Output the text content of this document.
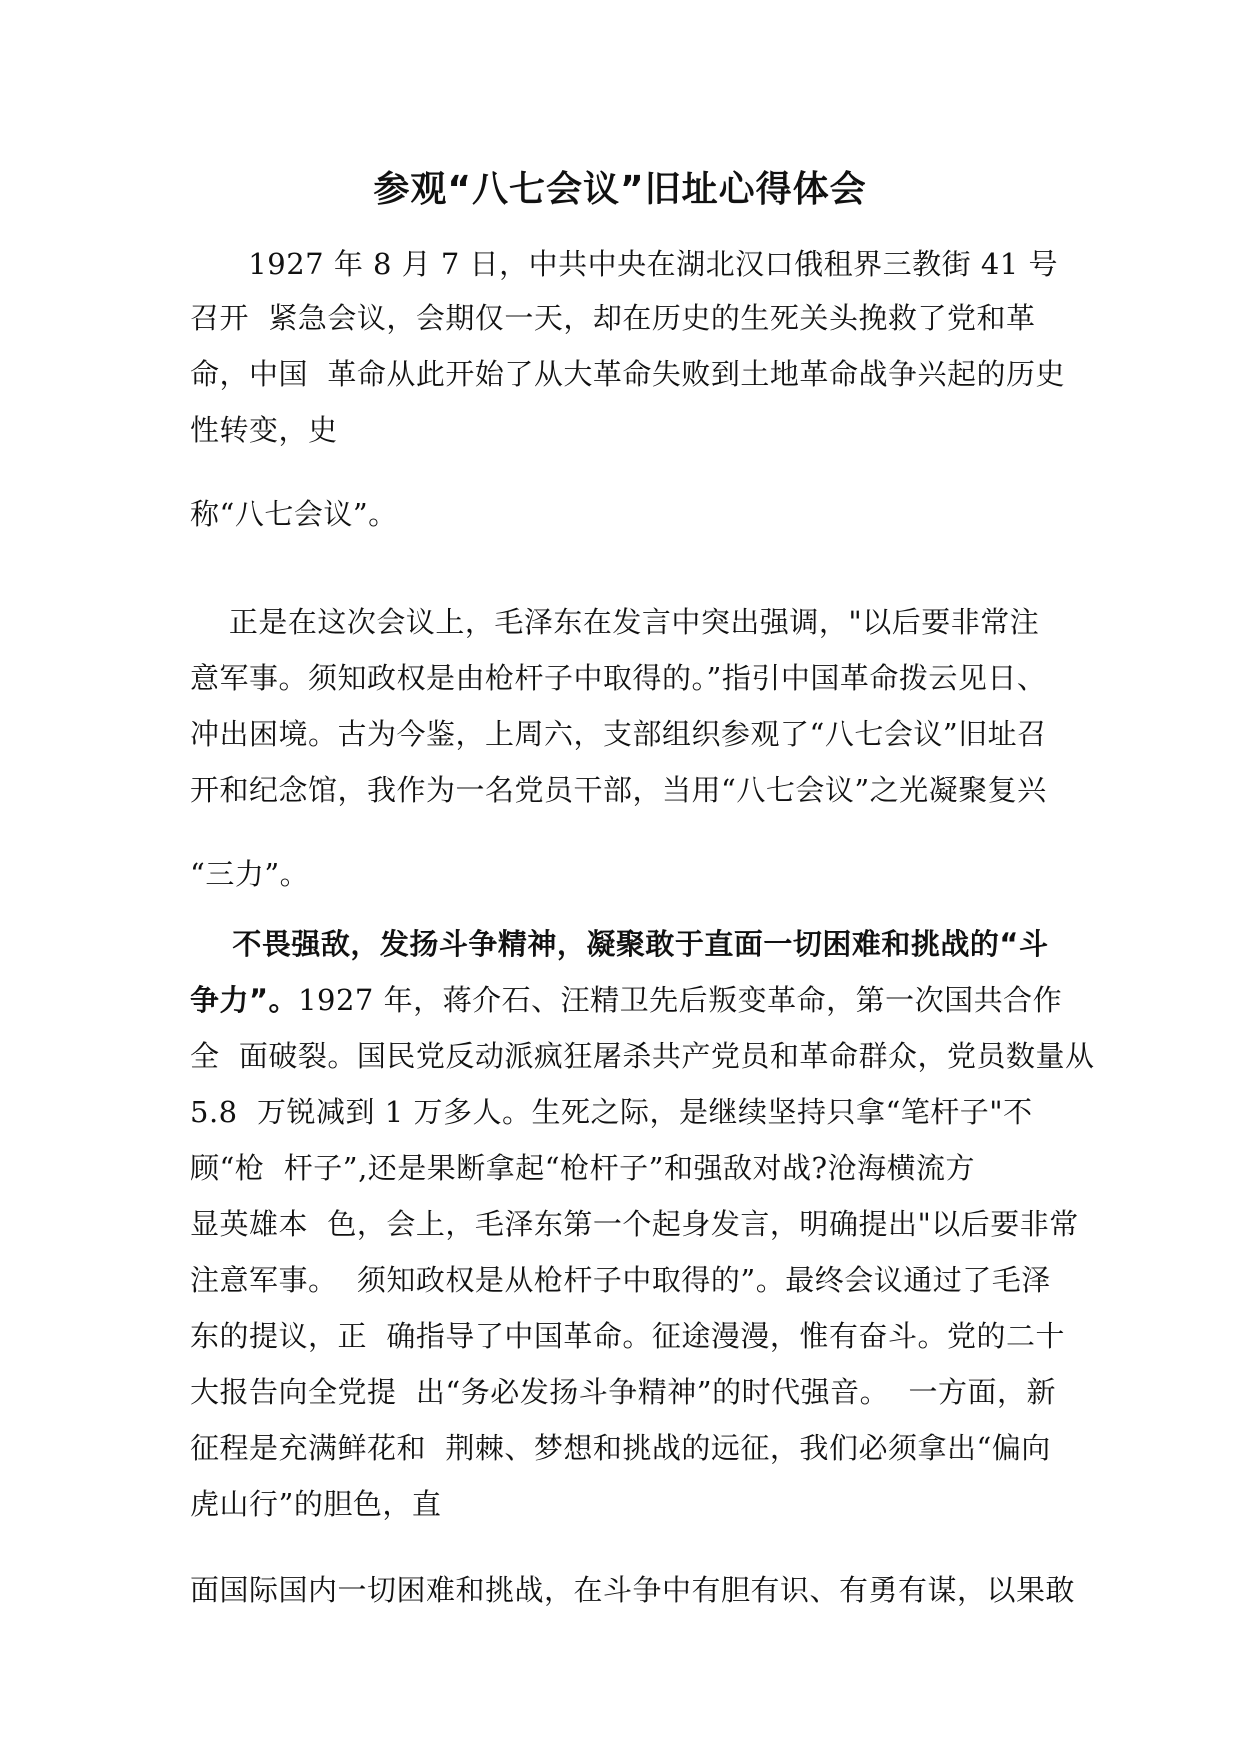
参观“八七会议”旧址心得体会
1927 年 8 月 7 日，中共中央在湖北汉口俄租界三教街 41 号
召开  紧急会议，会期仅一天，却在历史的生死关头挽救了党和革
命，中国  革命从此开始了从大革命失败到土地革命战争兴起的历史
性转变，史
称“八七会议”。
正是在这次会议上，毛泽东在发言中突出强调，"以后要非常注
意军事。须知政权是由枪杆子中取得的。”指引中国革命拨云见日、
冲出困境。古为今鉴，上周六，支部组织参观了“八七会议”旧址召
开和纪念馆，我作为一名党员干部，当用“八七会议”之光凝聚复兴
“三力”。
不畏强敌，发扬斗争精神，凝聚敢于直面一切困难和挑战的“斗
争力”。1927 年，蒋介石、汪精卫先后叛变革命，第一次国共合作
全  面破裂。国民党反动派疯狂屠杀共产党员和革命群众，党员数量从
5.8  万锐减到 1 万多人。生死之际，是继续坚持只拿“笔杆子"不
顾“枪  杆子”,还是果断拿起“枪杆子”和强敌对战?沧海横流方
显英雄本  色，会上，毛泽东第一个起身发言，明确提出"以后要非常
注意军事。  须知政权是从枪杆子中取得的”。最终会议通过了毛泽
东的提议，正  确指导了中国革命。征途漫漫，惟有奋斗。党的二十
大报告向全党提  出“务必发扬斗争精神”的时代强音。  一方面，新
征程是充满鲜花和  荆棘、梦想和挑战的远征，我们必须拿出“偏向
虎山行”的胆色，直
面国际国内一切困难和挑战，在斗争中有胆有识、有勇有谋，以果敢
